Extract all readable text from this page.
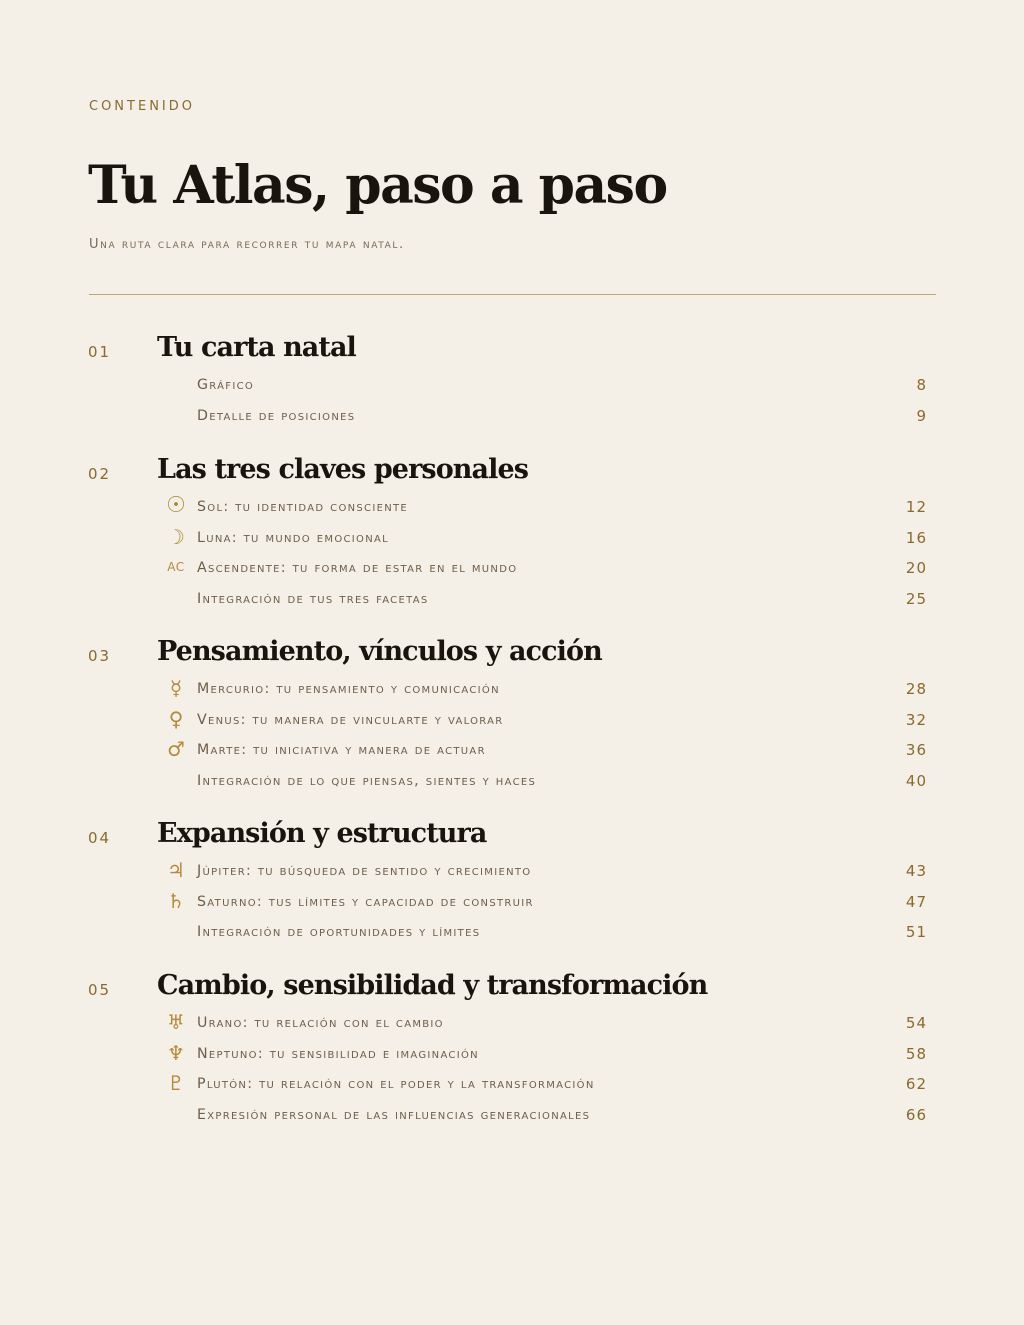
CONTENIDO
Tu Atlas, paso a paso
Una ruta clara para recorrer tu mapa natal.
01 Tu carta natal
Gráfico	8
Detalle de posiciones	9
02 Las tres claves personales
☉ Sol: tu identidad consciente	12
☽ Luna: tu mundo emocional	16
AC Ascendente: tu forma de estar en el mundo	20
Integración de tus tres facetas	25
03 Pensamiento, vínculos y acción
☿	Mercurio: tu pensamiento y comunicación	28
♀ Venus: tu manera de vincularte y valorar	32
♂ Marte: tu iniciativa y manera de actuar	36
Integración de lo que piensas, sientes y haces	40
04 Expansión y estructura
♃ Júpiter: tu búsqueda de sentido y crecimiento	43
♄ Saturno: tus límites y capacidad de construir	47
Integración de oportunidades y límites	51
05 Cambio, sensibilidad y transformación
♅ Urano: tu relación con el cambio	54
♆ Neptuno: tu sensibilidad e imaginación	58
♇ Plutón: tu relación con el poder y la transformación	62
Expresión personal de las influencias generacionales	66
